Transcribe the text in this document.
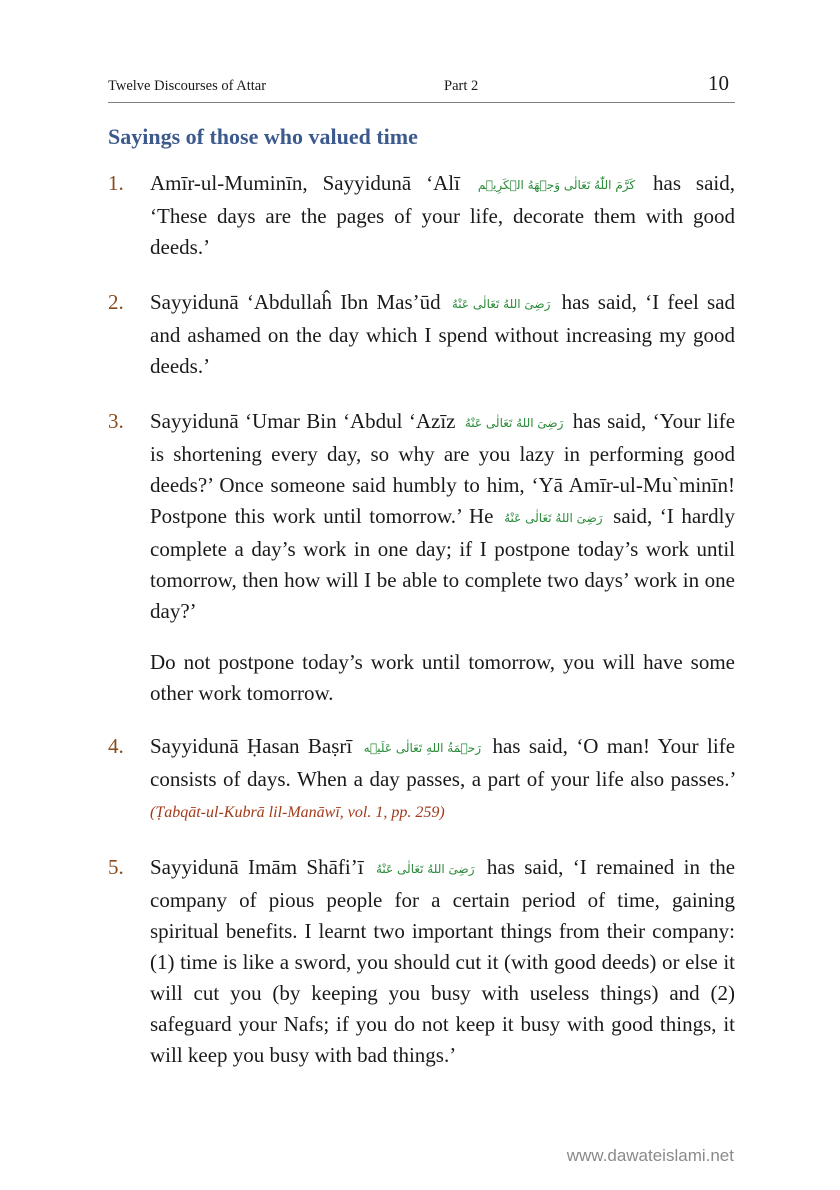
Twelve Discourses of Attar	Part 2	10
Sayings of those who valued time
1. Amīr-ul-Muminīn, Sayyidunā ‘Alī كَرَّمَ اللّٰهُ تَعَالٰی وَجۡهَهُ الۡكَرِيۡم has said, ‘These days are the pages of your life, decorate them with good deeds.’
2. Sayyidunā ‘Abdullaĥ Ibn Mas’ūd رَضِیَ اللهُ تَعَالٰی عَنْهُ has said, ‘I feel sad and ashamed on the day which I spend without increasing my good deeds.’
3. Sayyidunā ‘Umar Bin ‘Abdul ‘Azīz رَضِیَ اللهُ تَعَالٰی عَنْهُ has said, ‘Your life is shortening every day, so why are you lazy in performing good deeds?’ Once someone said humbly to him, ‘Yā Amīr-ul-Mu`minīn! Postpone this work until tomorrow.’ He رَضِیَ اللهُ تَعَالٰی عَنْهُ said, ‘I hardly complete a day’s work in one day; if I postpone today’s work until tomorrow, then how will I be able to complete two days’ work in one day?’
Do not postpone today’s work until tomorrow, you will have some other work tomorrow.
4. Sayyidunā Ḥasan Baṣrī رَحۡمَةُ اللهِ تَعَالٰی عَلَيۡه has said, ‘O man! Your life consists of days. When a day passes, a part of your life also passes.’ (Ṭabqāt-ul-Kubrā lil-Manāwī, vol. 1, pp. 259)
5. Sayyidunā Imām Shāfi’ī رَضِیَ اللهُ تَعَالٰی عَنْهُ has said, ‘I remained in the company of pious people for a certain period of time, gaining spiritual benefits. I learnt two important things from their company: (1) time is like a sword, you should cut it (with good deeds) or else it will cut you (by keeping you busy with useless things) and (2) safeguard your Nafs; if you do not keep it busy with good things, it will keep you busy with bad things.’
www.dawateislami.net
